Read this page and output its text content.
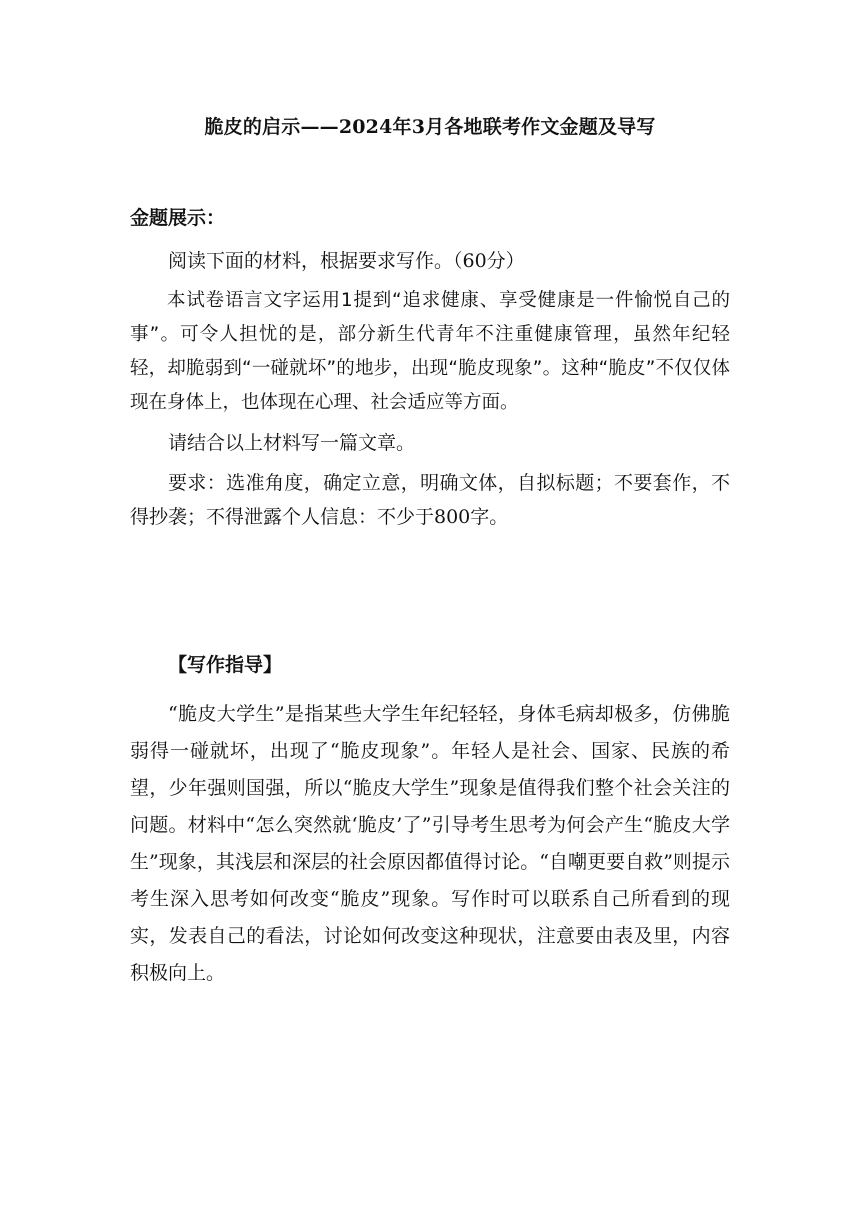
脆皮的启示——2024年3月各地联考作文金题及导写
金题展示：

阅读下面的材料，根据要求写作。（60分）

本试卷语言文字运用1提到“追求健康、享受健康是一件愉悦自己的事”。可令人担忧的是，部分新生代青年不注重健康管理，虽然年纪轻轻，却脆弱到“一碰就坏”的地步，出现“脆皮现象”。这种“脆皮”不仅仅体现在身体上，也体现在心理、社会适应等方面。

请结合以上材料写一篇文章。

要求：选准角度，确定立意，明确文体，自拟标题；不要套作，不得抄袭；不得泄露个人信息：不少于800字。

【写作指导】

“脆皮大学生”是指某些大学生年纪轻轻，身体毛病却极多，仿佛脆弱得一碰就坏，出现了“脆皮现象”。年轻人是社会、国家、民族的希望，少年强则国强，所以“脆皮大学生”现象是值得我们整个社会关注的问题。材料中“怎么突然就‘脆皮’了”引导考生思考为何会产生“脆皮大学生”现象，其浅层和深层的社会原因都值得讨论。“自嘲更要自救”则提示考生深入思考如何改变“脆皮”现象。写作时可以联系自己所看到的现实，发表自己的看法，讨论如何改变这种现状，注意要由表及里，内容积极向上。
